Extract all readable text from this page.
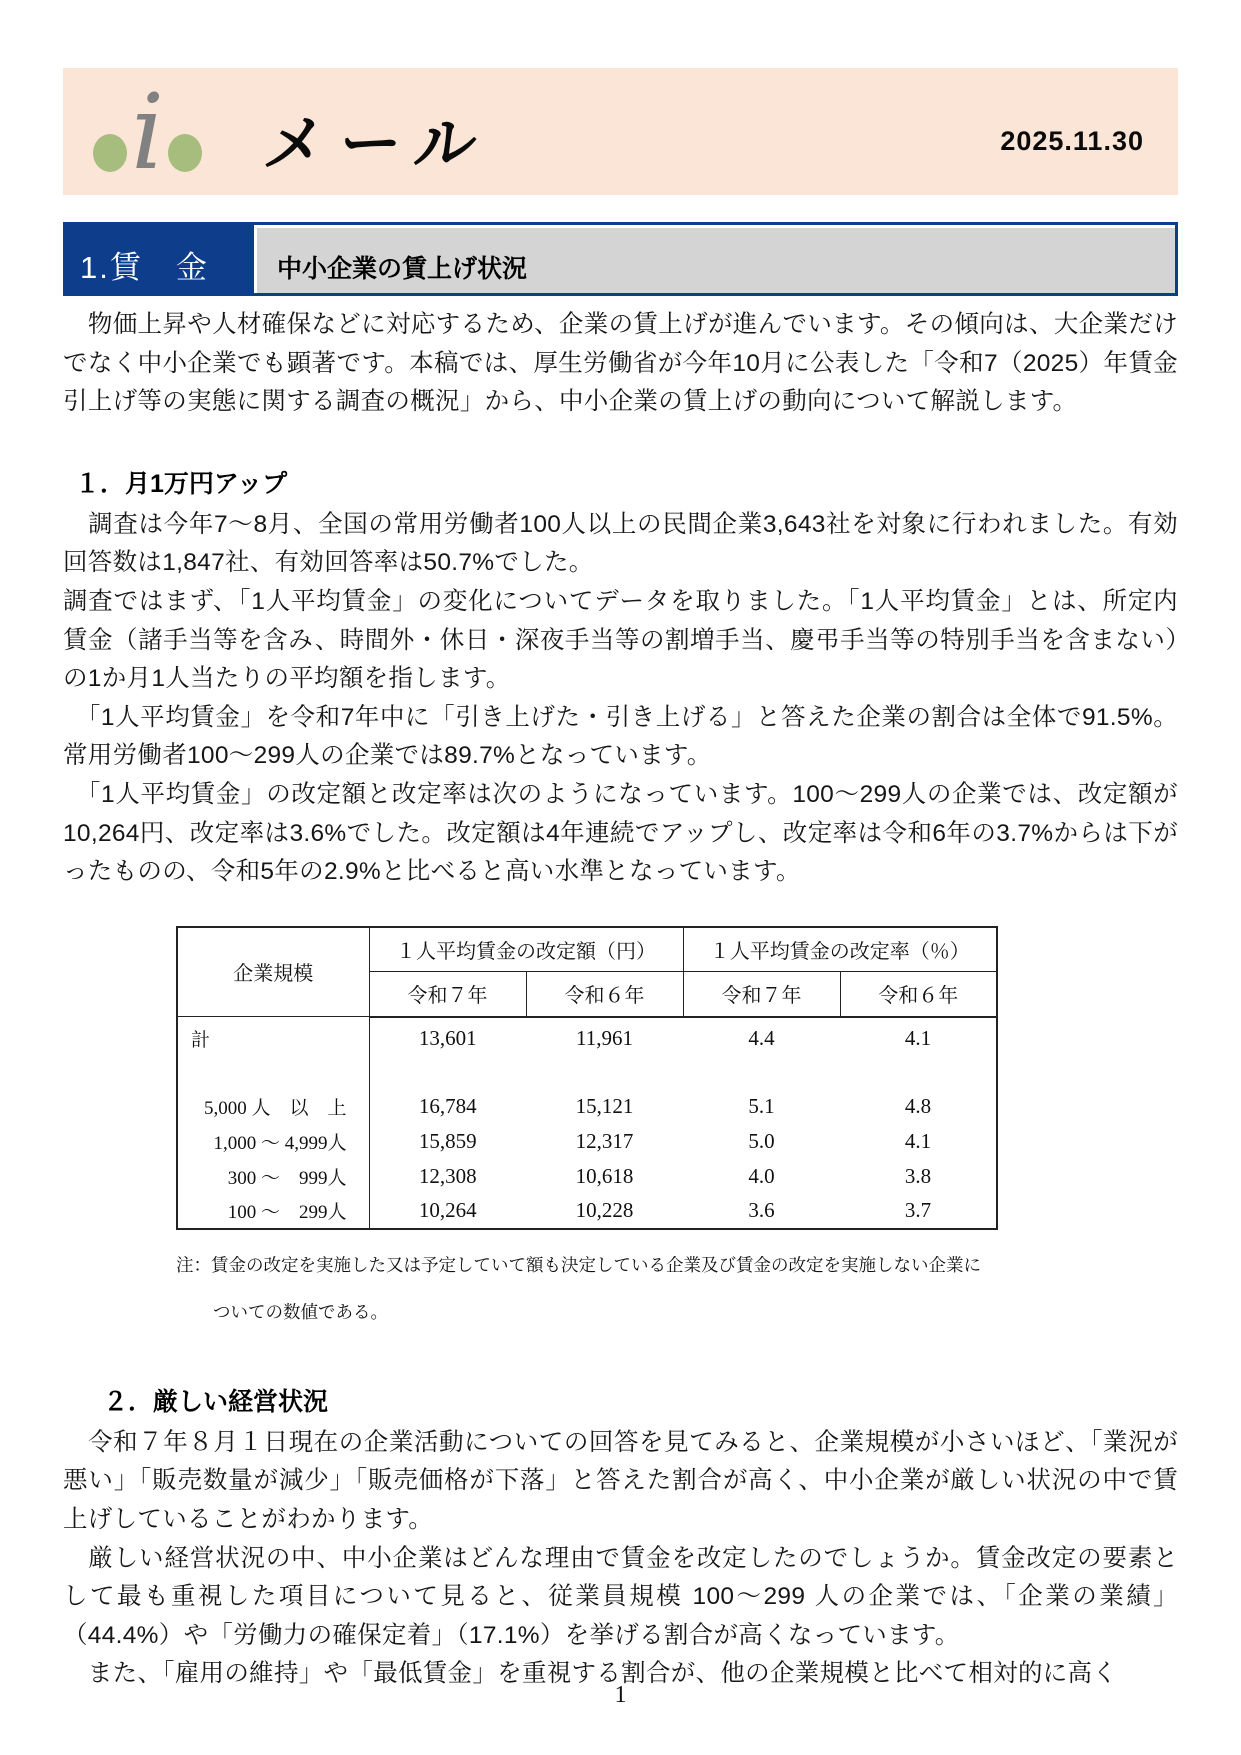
i メール	2025.11.30
1.賃　金	中小企業の賃上げ状況

　物価上昇や人材確保などに対応するため、企業の賃上げが進んでいます。その傾向は、大企業だけでなく中小企業でも顕著です。本稿では、厚生労働省が今年10月に公表した「令和7（2025）年賃金引上げ等の実態に関する調査の概況」から、中小企業の賃上げの動向について解説します。

１．月1万円アップ

　調査は今年7～8月、全国の常用労働者100人以上の民間企業3,643社を対象に行われました。有効回答数は1,847社、有効回答率は50.7%でした。

調査ではまず、「1人平均賃金」の変化についてデータを取りました。「1人平均賃金」とは、所定内賃金（諸手当等を含み、時間外・休日・深夜手当等の割増手当、慶弔手当等の特別手当を含まない）の1か月1人当たりの平均額を指します。

　「1人平均賃金」を令和7年中に「引き上げた・引き上げる」と答えた企業の割合は全体で91.5%。常用労働者100～299人の企業では89.7%となっています。

　「1人平均賃金」の改定額と改定率は次のようになっています。100～299人の企業では、改定額が10,264円、改定率は3.6%でした。改定額は4年連続でアップし、改定率は令和6年の3.7%からは下がったものの、令和5年の2.9%と比べると高い水準となっています。

企業規模	１人平均賃金の改定額（円）		１人平均賃金の改定率（％）	
	令和７年	令和６年	令和７年	令和６年
計	13,601	11,961	4.4	4.1
5,000 人　以　上	16,784	15,121	5.1	4.8
1,000 ～ 4,999人	15,859	12,317	5.0	4.1
300 ～　999人	12,308	10,618	4.0	3.8
100 ～　299人	10,264	10,228	3.6	3.7
注：賃金の改定を実施した又は予定していて額も決定している企業及び賃金の改定を実施しない企業に
ついての数値である。
２．厳しい経営状況

　令和７年８月１日現在の企業活動についての回答を見てみると、企業規模が小さいほど、「業況が悪い」「販売数量が減少」「販売価格が下落」と答えた割合が高く、中小企業が厳しい状況の中で賃上げしていることがわかります。

　厳しい経営状況の中、中小企業はどんな理由で賃金を改定したのでしょうか。賃金改定の要素として最も重視した項目について見ると、従業員規模 100～299 人の企業では、「企業の業績」（44.4%）や「労働力の確保定着」（17.1%）を挙げる割合が高くなっています。

　また、「雇用の維持」や「最低賃金」を重視する割合が、他の企業規模と比べて相対的に高く

1
